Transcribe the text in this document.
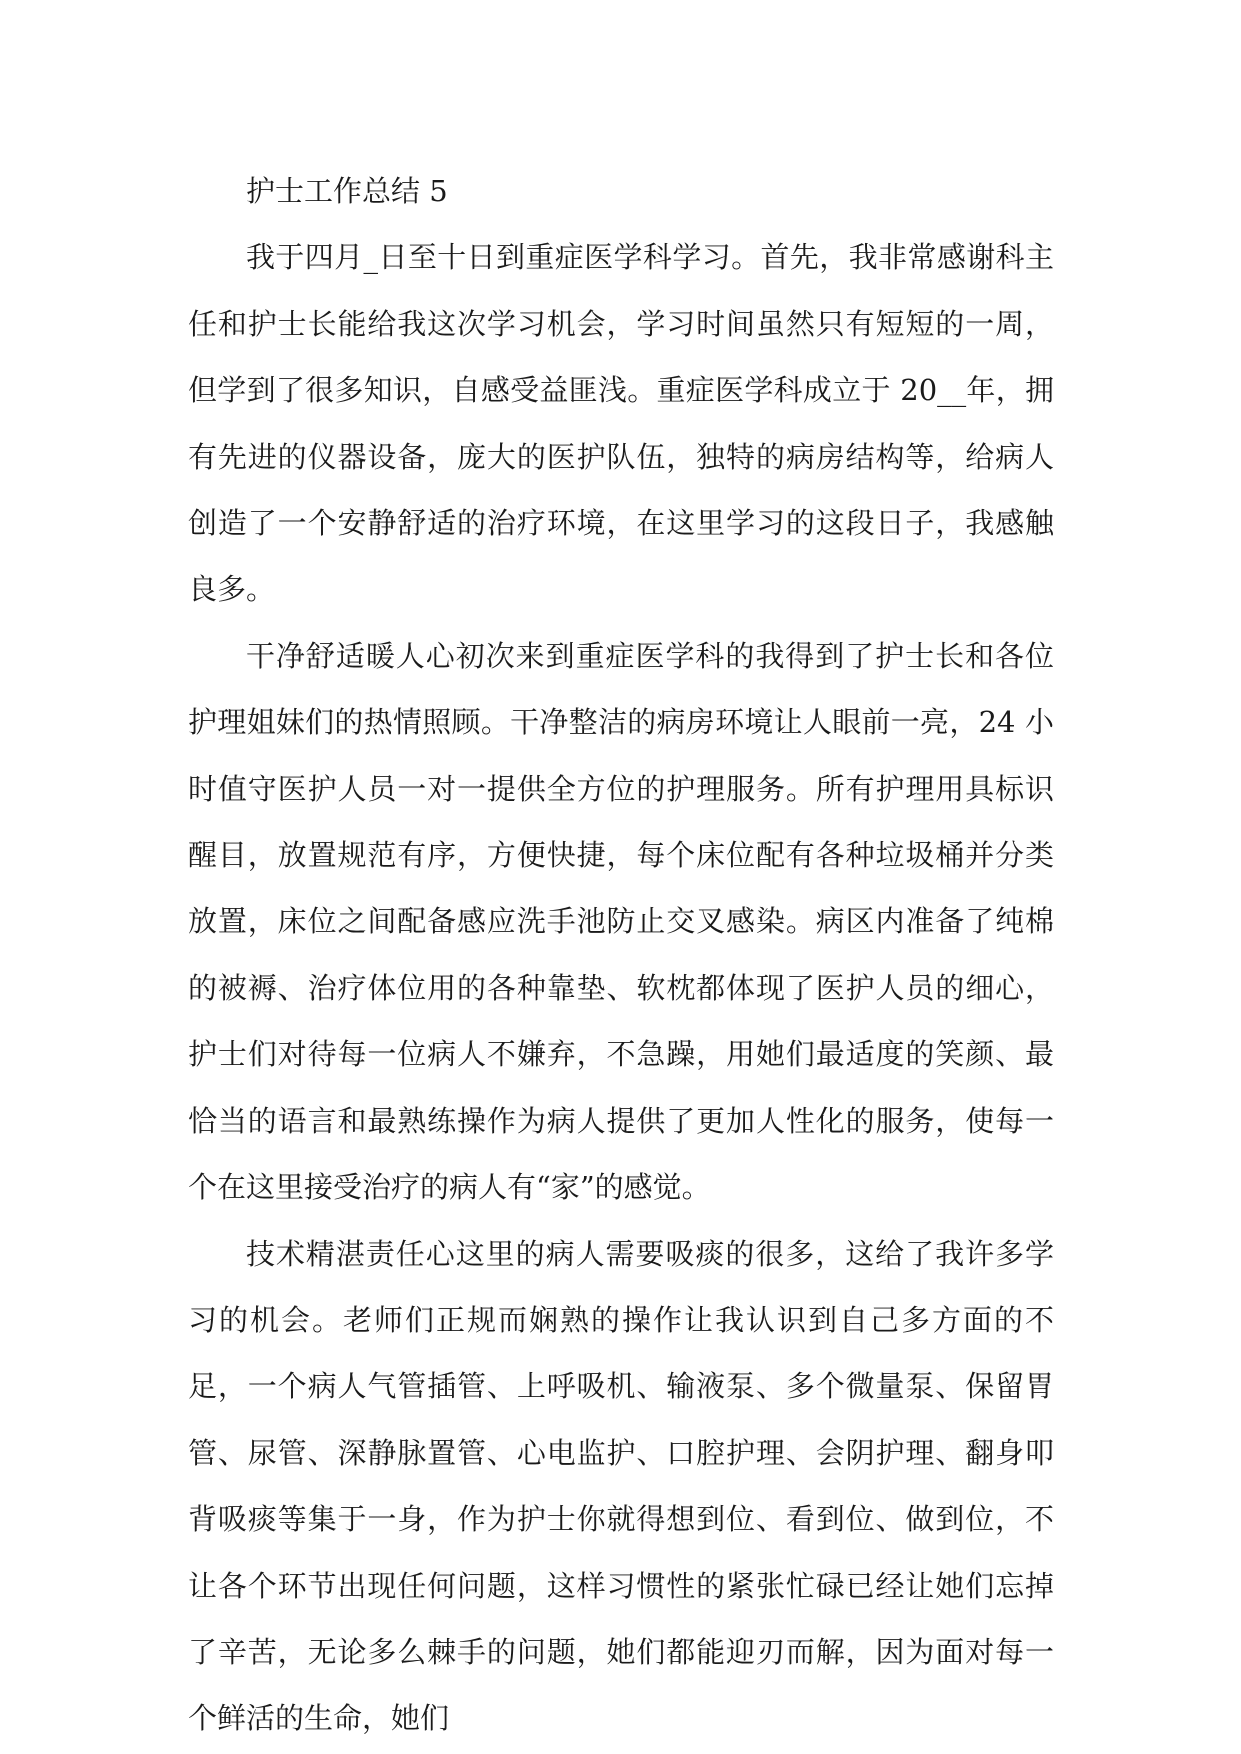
护士工作总结 5

我于四月_日至十日到重症医学科学习。首先，我非常感谢科主任和护士长能给我这次学习机会，学习时间虽然只有短短的一周，但学到了很多知识，自感受益匪浅。重症医学科成立于 20__年，拥有先进的仪器设备，庞大的医护队伍，独特的病房结构等，给病人创造了一个安静舒适的治疗环境，在这里学习的这段日子，我感触良多。

干净舒适暖人心初次来到重症医学科的我得到了护士长和各位护理姐妹们的热情照顾。干净整洁的病房环境让人眼前一亮，24 小时值守医护人员一对一提供全方位的护理服务。所有护理用具标识醒目，放置规范有序，方便快捷，每个床位配有各种垃圾桶并分类放置，床位之间配备感应洗手池防止交叉感染。病区内准备了纯棉的被褥、治疗体位用的各种靠垫、软枕都体现了医护人员的细心，护士们对待每一位病人不嫌弃，不急躁，用她们最适度的笑颜、最恰当的语言和最熟练操作为病人提供了更加人性化的服务，使每一个在这里接受治疗的病人有“家”的感觉。

技术精湛责任心这里的病人需要吸痰的很多，这给了我许多学习的机会。老师们正规而娴熟的操作让我认识到自己多方面的不足，一个病人气管插管、上呼吸机、输液泵、多个微量泵、保留胃管、尿管、深静脉置管、心电监护、口腔护理、会阴护理、翻身叩背吸痰等集于一身，作为护士你就得想到位、看到位、做到位，不让各个环节出现任何问题，这样习惯性的紧张忙碌已经让她们忘掉了辛苦，无论多么棘手的问题，她们都能迎刃而解，因为面对每一个鲜活的生命，她们
